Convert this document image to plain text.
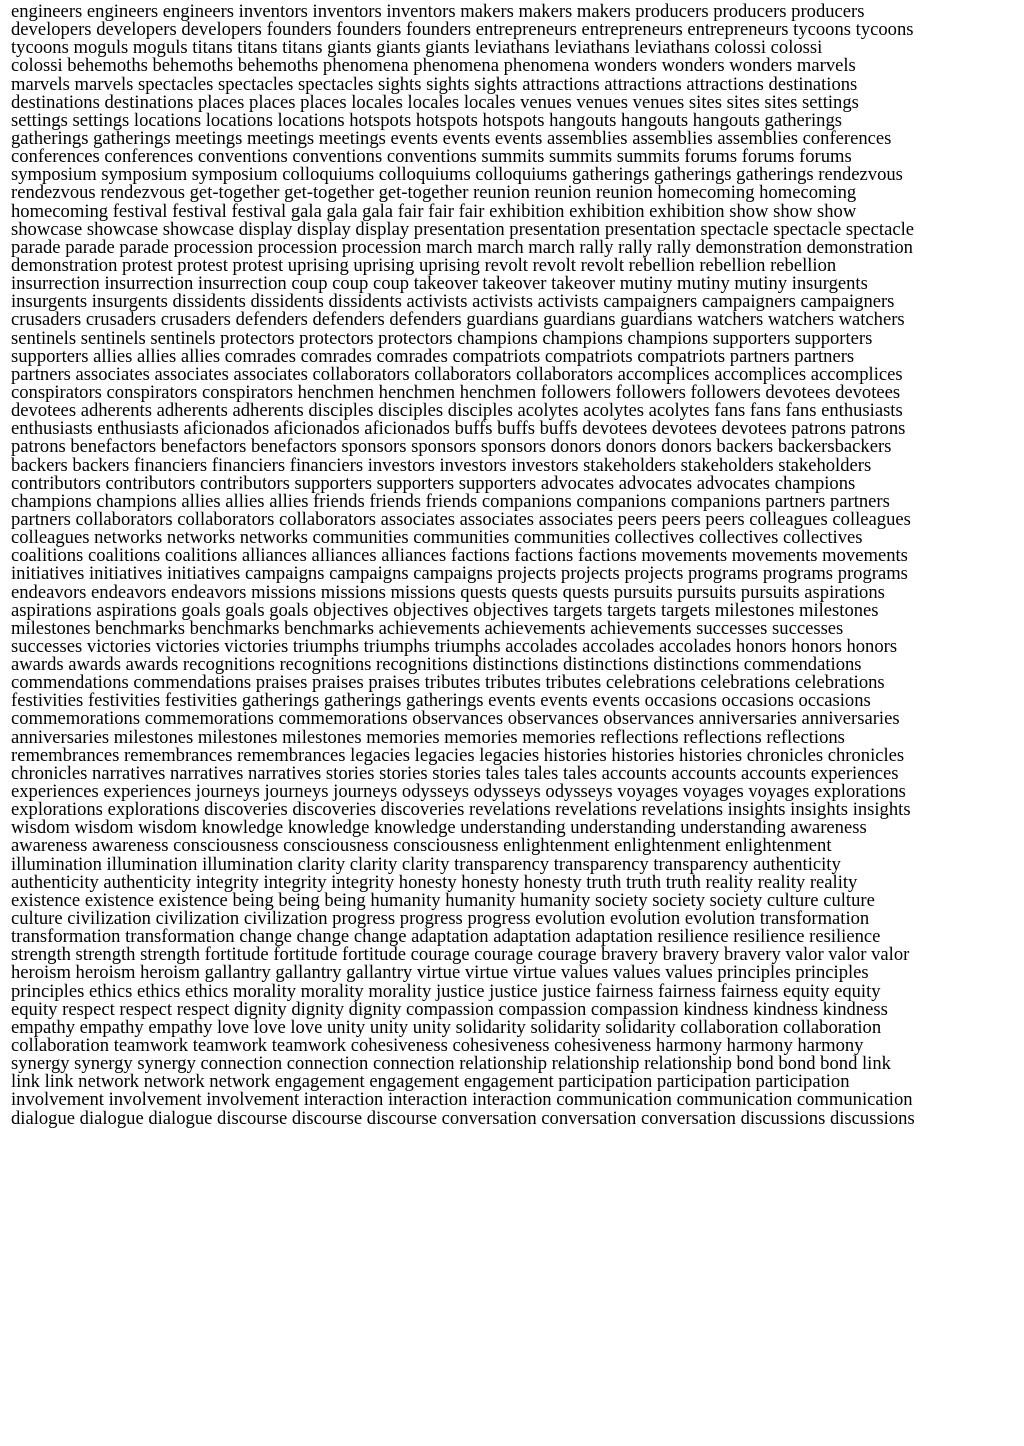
engineers engineers engineers inventors inventors inventors makers makers makers producers producers producers
developers developers developers founders founders founders entrepreneurs entrepreneurs entrepreneurs tycoons tycoons
tycoons moguls moguls titans titans titans giants giants giants leviathans leviathans leviathans colossi colossi
colossi behemoths behemoths behemoths phenomena phenomena phenomena wonders wonders wonders marvels
marvels marvels spectacles spectacles spectacles sights sights sights attractions attractions attractions destinations
destinations destinations places places places locales locales locales venues venues venues sites sites sites settings
settings settings locations locations locations hotspots hotspots hotspots hangouts hangouts hangouts gatherings
gatherings gatherings meetings meetings meetings events events events assemblies assemblies assemblies conferences
conferences conferences conventions conventions conventions summits summits summits forums forums forums
symposium symposium symposium colloquiums colloquiums colloquiums gatherings gatherings gatherings rendezvous
rendezvous rendezvous get-together get-together get-together reunion reunion reunion homecoming homecoming
homecoming festival festival festival gala gala gala fair fair fair exhibition exhibition exhibition show show show
showcase showcase showcase display display display presentation presentation presentation spectacle spectacle spectacle
parade parade parade procession procession procession march march march rally rally rally demonstration demonstration
demonstration protest protest protest uprising uprising uprising revolt revolt revolt rebellion rebellion rebellion
insurrection insurrection insurrection coup coup coup takeover takeover takeover mutiny mutiny mutiny insurgents
insurgents insurgents dissidents dissidents dissidents activists activists activists campaigners campaigners campaigners
crusaders crusaders crusaders defenders defenders defenders guardians guardians guardians watchers watchers watchers
sentinels sentinels sentinels protectors protectors protectors champions champions champions supporters supporters
supporters allies allies allies comrades comrades comrades compatriots compatriots compatriots partners partners
partners associates associates associates collaborators collaborators collaborators accomplices accomplices accomplices
conspirators conspirators conspirators henchmen henchmen henchmen followers followers followers devotees devotees
devotees adherents adherents adherents disciples disciples disciples acolytes acolytes acolytes fans fans fans enthusiasts
enthusiasts enthusiasts aficionados aficionados aficionados buffs buffs buffs devotees devotees devotees patrons patrons
patrons benefactors benefactors benefactors sponsors sponsors sponsors donors donors donors backers backersbackers
backers backers financiers financiers financiers investors investors investors stakeholders stakeholders stakeholders
contributors contributors contributors supporters supporters supporters advocates advocates advocates champions
champions champions allies allies allies friends friends friends companions companions companions partners partners
partners collaborators collaborators collaborators associates associates associates peers peers peers colleagues colleagues
colleagues networks networks networks communities communities communities collectives collectives collectives
coalitions coalitions coalitions alliances alliances alliances factions factions factions movements movements movements
initiatives initiatives initiatives campaigns campaigns campaigns projects projects projects programs programs programs
endeavors endeavors endeavors missions missions missions quests quests quests pursuits pursuits pursuits aspirations
aspirations aspirations goals goals goals objectives objectives objectives targets targets targets milestones milestones
milestones benchmarks benchmarks benchmarks achievements achievements achievements successes successes
successes victories victories victories triumphs triumphs triumphs accolades accolades accolades honors honors honors
awards awards awards recognitions recognitions recognitions distinctions distinctions distinctions commendations
commendations commendations praises praises praises tributes tributes tributes celebrations celebrations celebrations
festivities festivities festivities gatherings gatherings gatherings events events events occasions occasions occasions
commemorations commemorations commemorations observances observances observances anniversaries anniversaries
anniversaries milestones milestones milestones memories memories memories reflections reflections reflections
remembrances remembrances remembrances legacies legacies legacies histories histories histories chronicles chronicles
chronicles narratives narratives narratives stories stories stories tales tales tales accounts accounts accounts experiences
experiences experiences journeys journeys journeys odysseys odysseys odysseys voyages voyages voyages explorations
explorations explorations discoveries discoveries discoveries revelations revelations revelations insights insights insights
wisdom wisdom wisdom knowledge knowledge knowledge understanding understanding understanding awareness
awareness awareness consciousness consciousness consciousness enlightenment enlightenment enlightenment
illumination illumination illumination clarity clarity clarity transparency transparency transparency authenticity
authenticity authenticity integrity integrity integrity honesty honesty honesty truth truth truth reality reality reality
existence existence existence being being being humanity humanity humanity society society society culture culture
culture civilization civilization civilization progress progress progress evolution evolution evolution transformation
transformation transformation change change change adaptation adaptation adaptation resilience resilience resilience
strength strength strength fortitude fortitude fortitude courage courage courage bravery bravery bravery valor valor valor
heroism heroism heroism gallantry gallantry gallantry virtue virtue virtue values values values principles principles
principles ethics ethics ethics morality morality morality justice justice justice fairness fairness fairness equity equity
equity respect respect respect dignity dignity dignity compassion compassion compassion kindness kindness kindness
empathy empathy empathy love love love unity unity unity solidarity solidarity solidarity collaboration collaboration
collaboration teamwork teamwork teamwork cohesiveness cohesiveness cohesiveness harmony harmony harmony
synergy synergy synergy connection connection connection relationship relationship relationship bond bond bond link
link link network network network engagement engagement engagement participation participation participation
involvement involvement involvement interaction interaction interaction communication communication communication
dialogue dialogue dialogue discourse discourse discourse conversation conversation conversation discussions discussions
